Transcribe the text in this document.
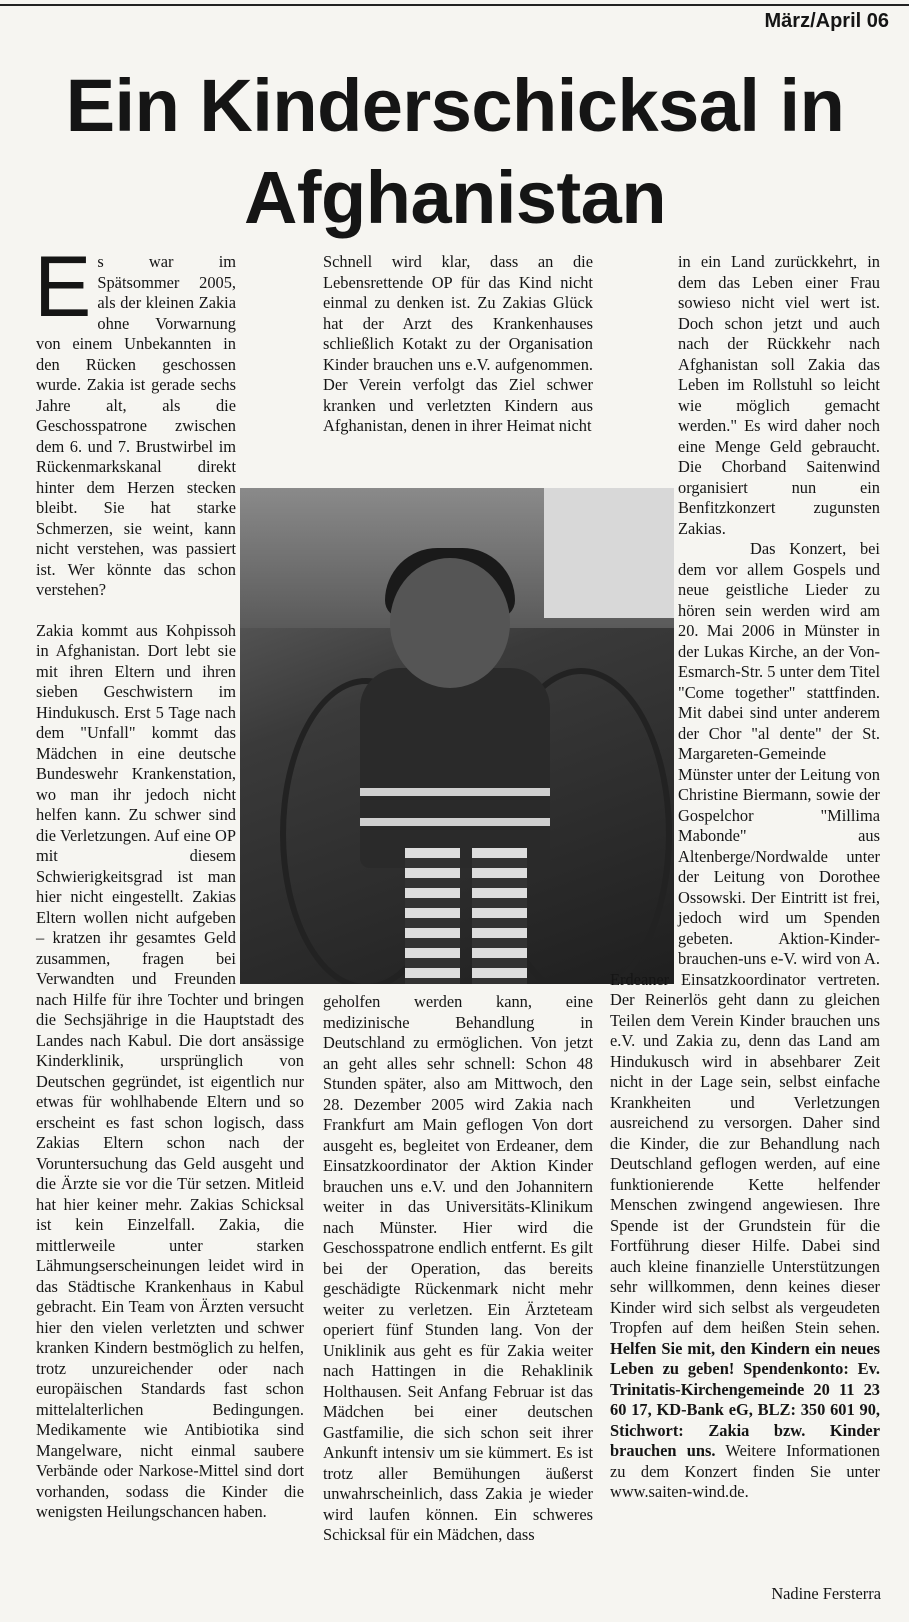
März/April 06
Ein Kinderschicksal in
Afghanistan

Es war im Spätsommer 2005, als der kleinen Zakia ohne Vorwarnung von einem Unbekannten in den Rücken geschossen wurde. Zakia ist gerade sechs Jahre alt, als die Geschosspatrone zwischen dem 6. und 7. Brustwirbel im Rückenmarkskanal direkt hinter dem Herzen stecken bleibt. Sie hat starke Schmerzen, sie weint, kann nicht verstehen, was passiert ist. Wer könnte das schon verstehen?

Zakia kommt aus Kohpissoh in Afghanistan. Dort lebt sie mit ihren Eltern und ihren sieben Geschwistern im Hindukusch. Erst 5 Tage nach dem "Unfall" kommt das Mädchen in eine deutsche Bundeswehr Krankenstation, wo man ihr jedoch nicht helfen kann. Zu schwer sind die Verletzungen. Auf eine OP mit diesem Schwierigkeitsgrad ist man hier nicht eingestellt. Zakias Eltern wollen nicht aufgeben – kratzen ihr gesamtes Geld zusammen, fragen bei Verwandten und Freunden nach Hilfe für ihre Tochter und bringen die Sechsjährige in die Hauptstadt des Landes nach Kabul. Die dort ansässige Kinderklinik, ursprünglich von Deutschen gegründet, ist eigentlich nur etwas für wohlhabende Eltern und so erscheint es fast schon logisch, dass Zakias Eltern schon nach der Voruntersuchung das Geld ausgeht und die Ärzte sie vor die Tür setzen. Mitleid hat hier keiner mehr. Zakias Schicksal ist kein Einzelfall. Zakia, die mittlerweile unter starken Lähmungserscheinungen leidet wird in das Städtische Krankenhaus in Kabul gebracht. Ein Team von Ärzten versucht hier den vielen verletzten und schwer kranken Kindern bestmöglich zu helfen, trotz unzureichender oder nach europäischen Standards fast schon mittelalterlichen Bedingungen. Medikamente wie Antibiotika sind Mangelware, nicht einmal saubere Verbände oder Narkose-Mittel sind dort vorhanden, sodass die Kinder die wenigsten Heilungschancen haben.

Schnell wird klar, dass an die Lebensrettende OP für das Kind nicht einmal zu denken ist. Zu Zakias Glück hat der Arzt des Krankenhauses schließlich Kotakt zu der Organisation Kinder brauchen uns e.V. aufgenommen. Der Verein verfolgt das Ziel schwer kranken und verletzten Kindern aus Afghanistan, denen in ihrer Heimat nicht
geholfen werden kann, eine medizinische Behandlung in Deutschland zu ermöglichen. Von jetzt an geht alles sehr schnell: Schon 48 Stunden später, also am Mittwoch, den 28. Dezember 2005 wird Zakia nach Frankfurt am Main geflogen Von dort ausgeht es, begleitet von Erdeaner, dem Einsatzkoordinator der Aktion Kinder brauchen uns e.V. und den Johannitern weiter in das Universitäts-Klinikum nach Münster. Hier wird die Geschosspatrone endlich entfernt. Es gilt bei der Operation, das bereits geschädigte Rückenmark nicht mehr weiter zu verletzen. Ein Ärzteteam operiert fünf Stunden lang. Von der Uniklinik aus geht es für Zakia weiter nach Hattingen in die Rehaklinik Holthausen. Seit Anfang Februar ist das Mädchen bei einer deutschen Gastfamilie, die sich schon seit ihrer Ankunft intensiv um sie kümmert. Es ist trotz aller Bemühungen äußerst unwahrscheinlich, dass Zakia je wieder wird laufen können. Ein schweres Schicksal für ein Mädchen, dass

in ein Land zurückkehrt, in dem das Leben einer Frau sowieso nicht viel wert ist. Doch schon jetzt und auch nach der Rückkehr nach Afghanistan soll Zakia das Leben im Rollstuhl so leicht wie möglich gemacht werden." Es wird daher noch eine Menge Geld gebraucht. Die Chorband Saitenwind organisiert nun ein Benfitzkonzert zugunsten Zakias.

Das Konzert, bei dem vor allem Gospels und neue geistliche Lieder zu hören sein werden wird am 20. Mai 2006 in Münster in der Lukas Kirche, an der Von-Esmarch-Str. 5 unter dem Titel "Come together" stattfinden. Mit dabei sind unter anderem der Chor "al dente" der St. Margareten-Gemeinde Münster unter der Leitung von Christine Biermann, sowie der Gospelchor "Millima Mabonde" aus Altenberge/Nordwalde unter der Leitung von Dorothee Ossowski. Der Eintritt ist frei, jedoch wird um Spenden gebeten. Aktion-Kinder-brauchen-uns e-V. wird von A. Erdeaner Einsatzkoordinator vertreten. Der Reinerlös geht dann zu gleichen Teilen dem Verein Kinder brauchen uns e.V. und Zakia zu, denn das Land am Hindukusch wird in absehbarer Zeit nicht in der Lage sein, selbst einfache Krankheiten und Verletzungen ausreichend zu versorgen. Daher sind die Kinder, die zur Behandlung nach Deutschland geflogen werden, auf eine funktionierende Kette helfender Menschen zwingend angewiesen. Ihre Spende ist der Grundstein für die Fortführung dieser Hilfe. Dabei sind auch kleine finanzielle Unterstützungen sehr willkommen, denn keines dieser Kinder wird sich selbst als vergeudeten Tropfen auf dem heißen Stein sehen. Helfen Sie mit, den Kindern ein neues Leben zu geben! Spendenkonto: Ev. Trinitatis-Kirchengemeinde 20 11 23 60 17, KD-Bank eG, BLZ: 350 601 90, Stichwort: Zakia bzw. Kinder brauchen uns. Weitere Informationen zu dem Konzert finden Sie unter www.saiten-wind.de.

Nadine Fersterra
